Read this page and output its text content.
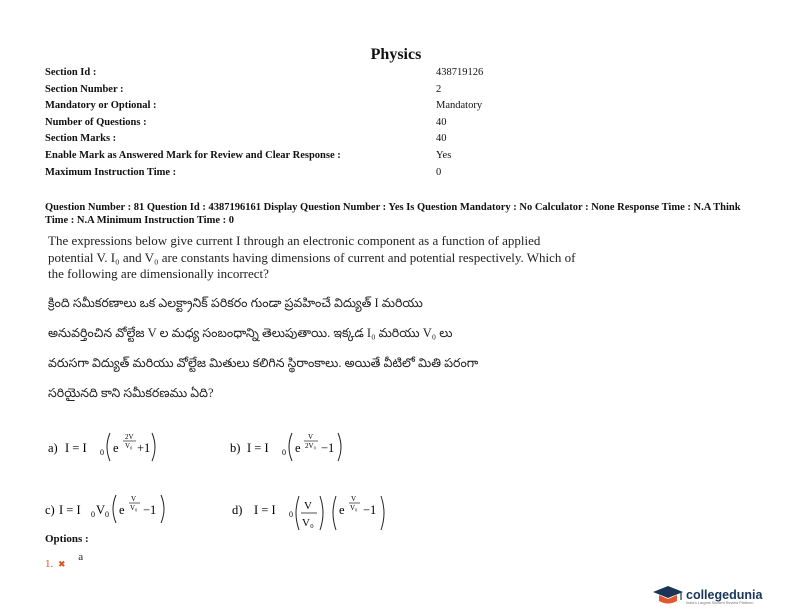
Physics
Section Id :	438719126
Section Number :	2
Mandatory or Optional :	Mandatory
Number of Questions :	40
Section Marks :	40
Enable Mark as Answered Mark for Review and Clear Response :	Yes
Maximum Instruction Time :	0
Question Number : 81 Question Id : 4387196161 Display Question Number : Yes Is Question Mandatory : No Calculator : None Response Time : N.A Think Time : N.A Minimum Instruction Time : 0
The expressions below give current I through an electronic component as a function of applied potential V. I₀ and V₀ are constants having dimensions of current and potential respectively. Which of the following are dimensionally incorrect?
క్రింది సమీకరణాలు ఒక ఎలక్ట్రానిక్ పరికరం గుండా ప్రవహించే విద్యుత్ I మరియు
అనువర్తించిన వోల్టేజ V ల మధ్య సంబంధాన్ని తెలుపుతాయి. ఇక్కడ I₀ మరియు V₀ లు
వరుసగా విద్యుత్ మరియు వోల్టేజ మితులు కలిగిన స్థిరాంకాలు. అయితే వీటిలో మితి పరంగా
సరియైనది కాని సమీకరణము ఏది?
a) I = I 0 e
2V
V₀ +1	b) I = I 0 e
V
2V₀ −1
c) I = I 0 V 0 e
V
V₀ −1	d) I = I 0
V
V₀
e
V
V₀ −1
Options :
1. ✖ a
collegedunia
India's Largest Student Review Platform
